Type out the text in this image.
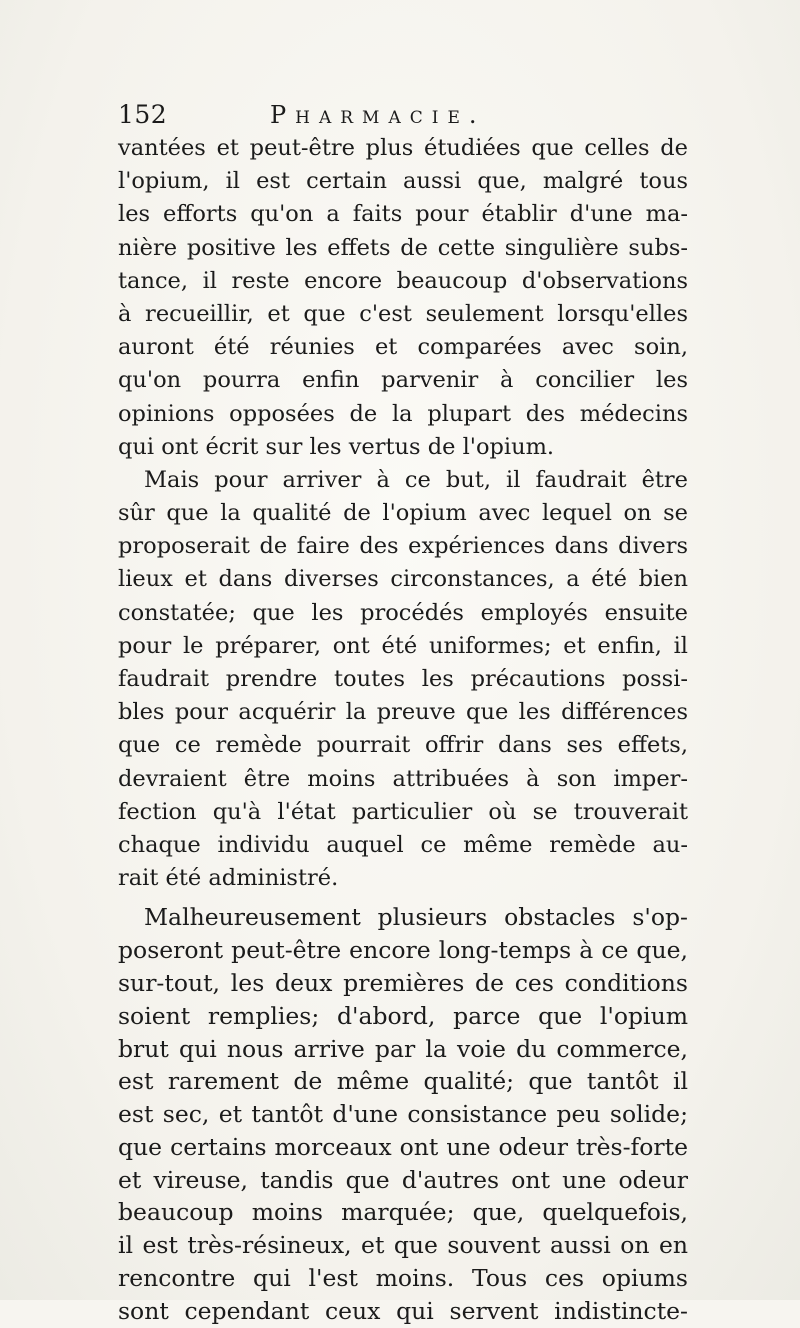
152	Pharmacie.
vantées et peut-être plus étudiées que celles de
l'opium, il est certain aussi que, malgré tous
les efforts qu'on a faits pour établir d'une ma-
nière positive les effets de cette singulière subs-
tance, il reste encore beaucoup d'observations
à recueillir, et que c'est seulement lorsqu'elles
auront été réunies et comparées avec soin,
qu'on pourra enfin parvenir à concilier les
opinions opposées de la plupart des médecins
qui ont écrit sur les vertus de l'opium.
Mais pour arriver à ce but, il faudrait être
sûr que la qualité de l'opium avec lequel on se
proposerait de faire des expériences dans divers
lieux et dans diverses circonstances, a été bien
constatée; que les procédés employés ensuite
pour le préparer, ont été uniformes; et enfin, il
faudrait prendre toutes les précautions possi-
bles pour acquérir la preuve que les différences
que ce remède pourrait offrir dans ses effets,
devraient être moins attribuées à son imper-
fection qu'à l'état particulier où se trouverait
chaque individu auquel ce même remède au-
rait été administré.
Malheureusement plusieurs obstacles s'op-
poseront peut-être encore long-temps à ce que,
sur-tout, les deux premières de ces conditions
soient remplies; d'abord, parce que l'opium
brut qui nous arrive par la voie du commerce,
est rarement de même qualité; que tantôt il
est sec, et tantôt d'une consistance peu solide;
que certains morceaux ont une odeur très-forte
et vireuse, tandis que d'autres ont une odeur
beaucoup moins marquée; que, quelquefois,
il est très-résineux, et que souvent aussi on en
rencontre qui l'est moins. Tous ces opiums
sont cependant ceux qui servent indistincte-
